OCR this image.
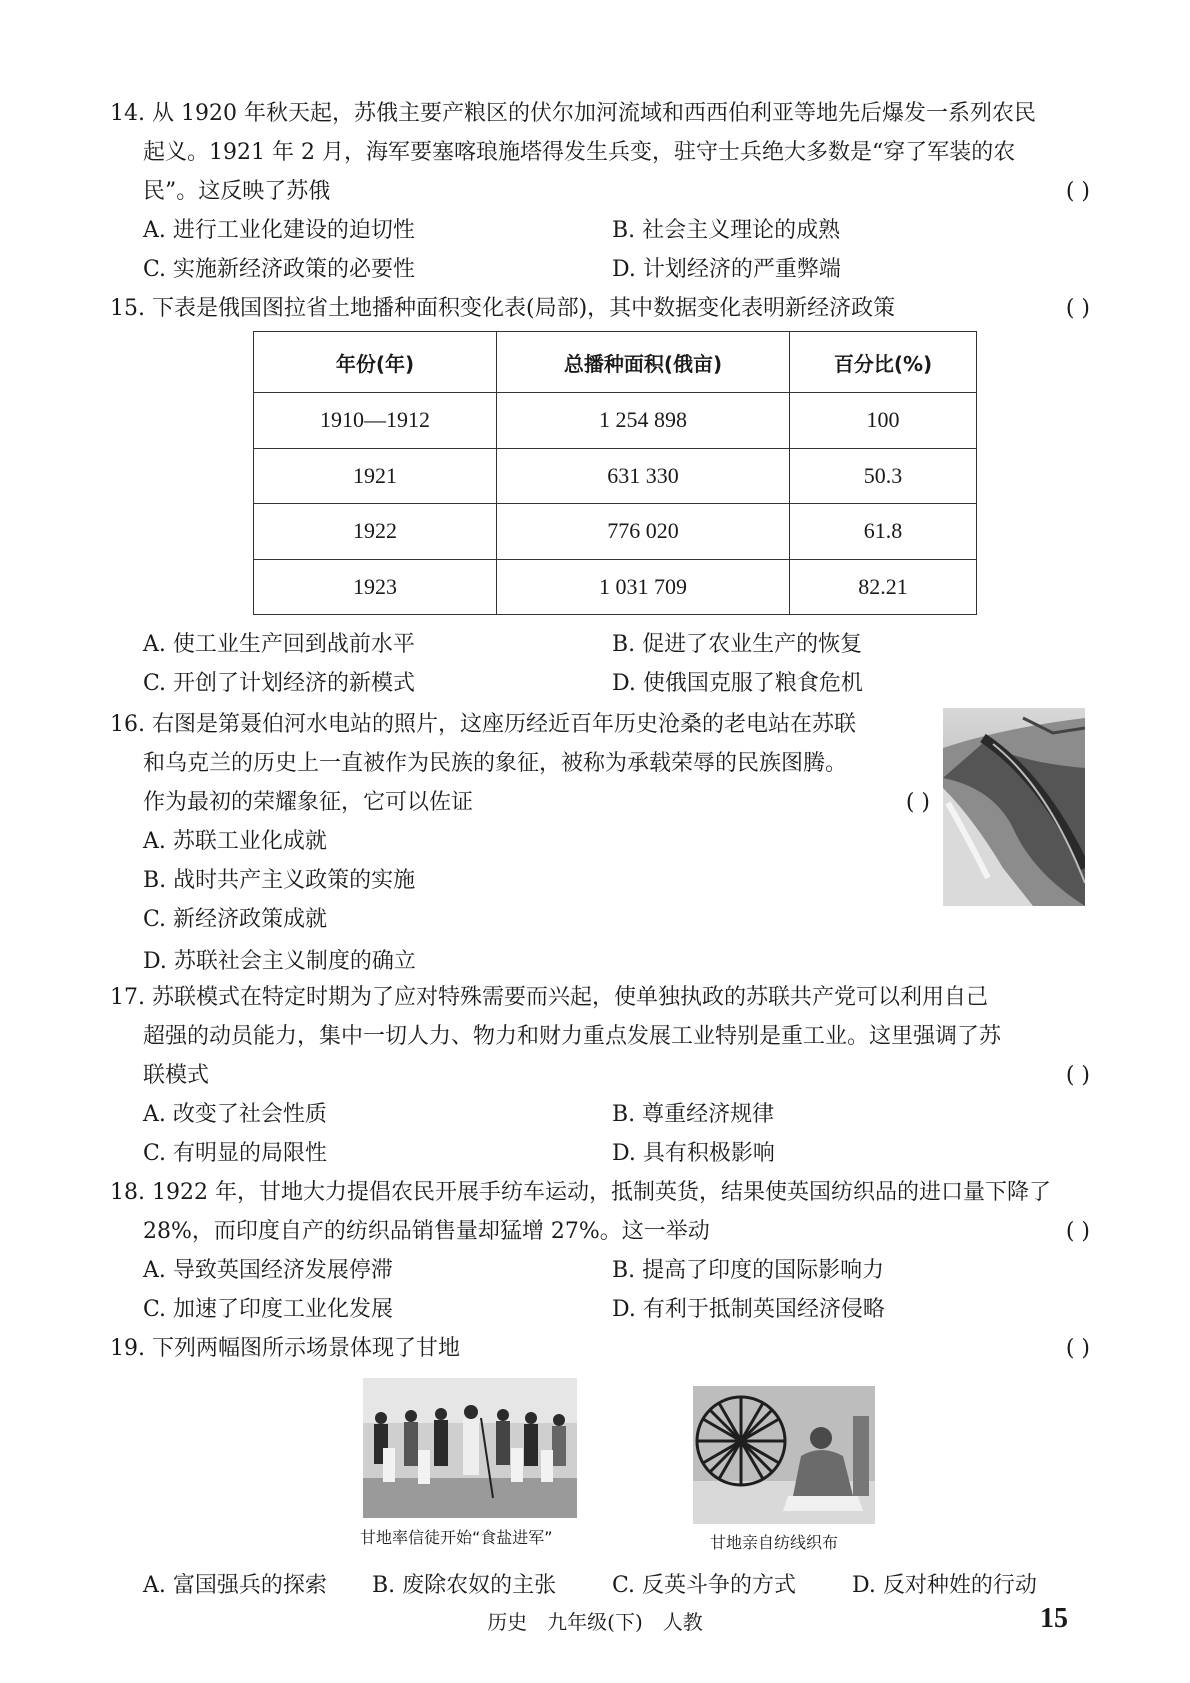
14. 从 1920 年秋天起，苏俄主要产粮区的伏尔加河流域和西西伯利亚等地先后爆发一系列农民
起义。1921 年 2 月，海军要塞喀琅施塔得发生兵变，驻守士兵绝大多数是“穿了军装的农
民”。这反映了苏俄	( )
A. 进行工业化建设的迫切性	B. 社会主义理论的成熟
C. 实施新经济政策的必要性	D. 计划经济的严重弊端
15. 下表是俄国图拉省土地播种面积变化表(局部)，其中数据变化表明新经济政策	( )
年份(年)	总播种面积(俄亩)	百分比(%)
1910—1912	1 254 898	100
1921	631 330	50.3
1922	776 020	61.8
1923	1 031 709	82.21
A. 使工业生产回到战前水平	B. 促进了农业生产的恢复
C. 开创了计划经济的新模式	D. 使俄国克服了粮食危机
16. 右图是第聂伯河水电站的照片，这座历经近百年历史沧桑的老电站在苏联
和乌克兰的历史上一直被作为民族的象征，被称为承载荣辱的民族图腾。
作为最初的荣耀象征，它可以佐证	( )
A. 苏联工业化成就
B. 战时共产主义政策的实施
C. 新经济政策成就
D. 苏联社会主义制度的确立
17. 苏联模式在特定时期为了应对特殊需要而兴起，使单独执政的苏联共产党可以利用自己
超强的动员能力，集中一切人力、物力和财力重点发展工业特别是重工业。这里强调了苏
联模式	( )
A. 改变了社会性质	B. 尊重经济规律
C. 有明显的局限性	D. 具有积极影响
18. 1922 年，甘地大力提倡农民开展手纺车运动，抵制英货，结果使英国纺织品的进口量下降了
28%，而印度自产的纺织品销售量却猛增 27%。这一举动	( )
A. 导致英国经济发展停滞	B. 提高了印度的国际影响力
C. 加速了印度工业化发展	D. 有利于抵制英国经济侵略
19. 下列两幅图所示场景体现了甘地	( )
甘地率信徒开始“食盐进军”	甘地亲自纺线织布
A. 富国强兵的探索 B. 废除农奴的主张	C. 反英斗争的方式	D. 反对种姓的行动
历史　九年级(下)　人教	15
